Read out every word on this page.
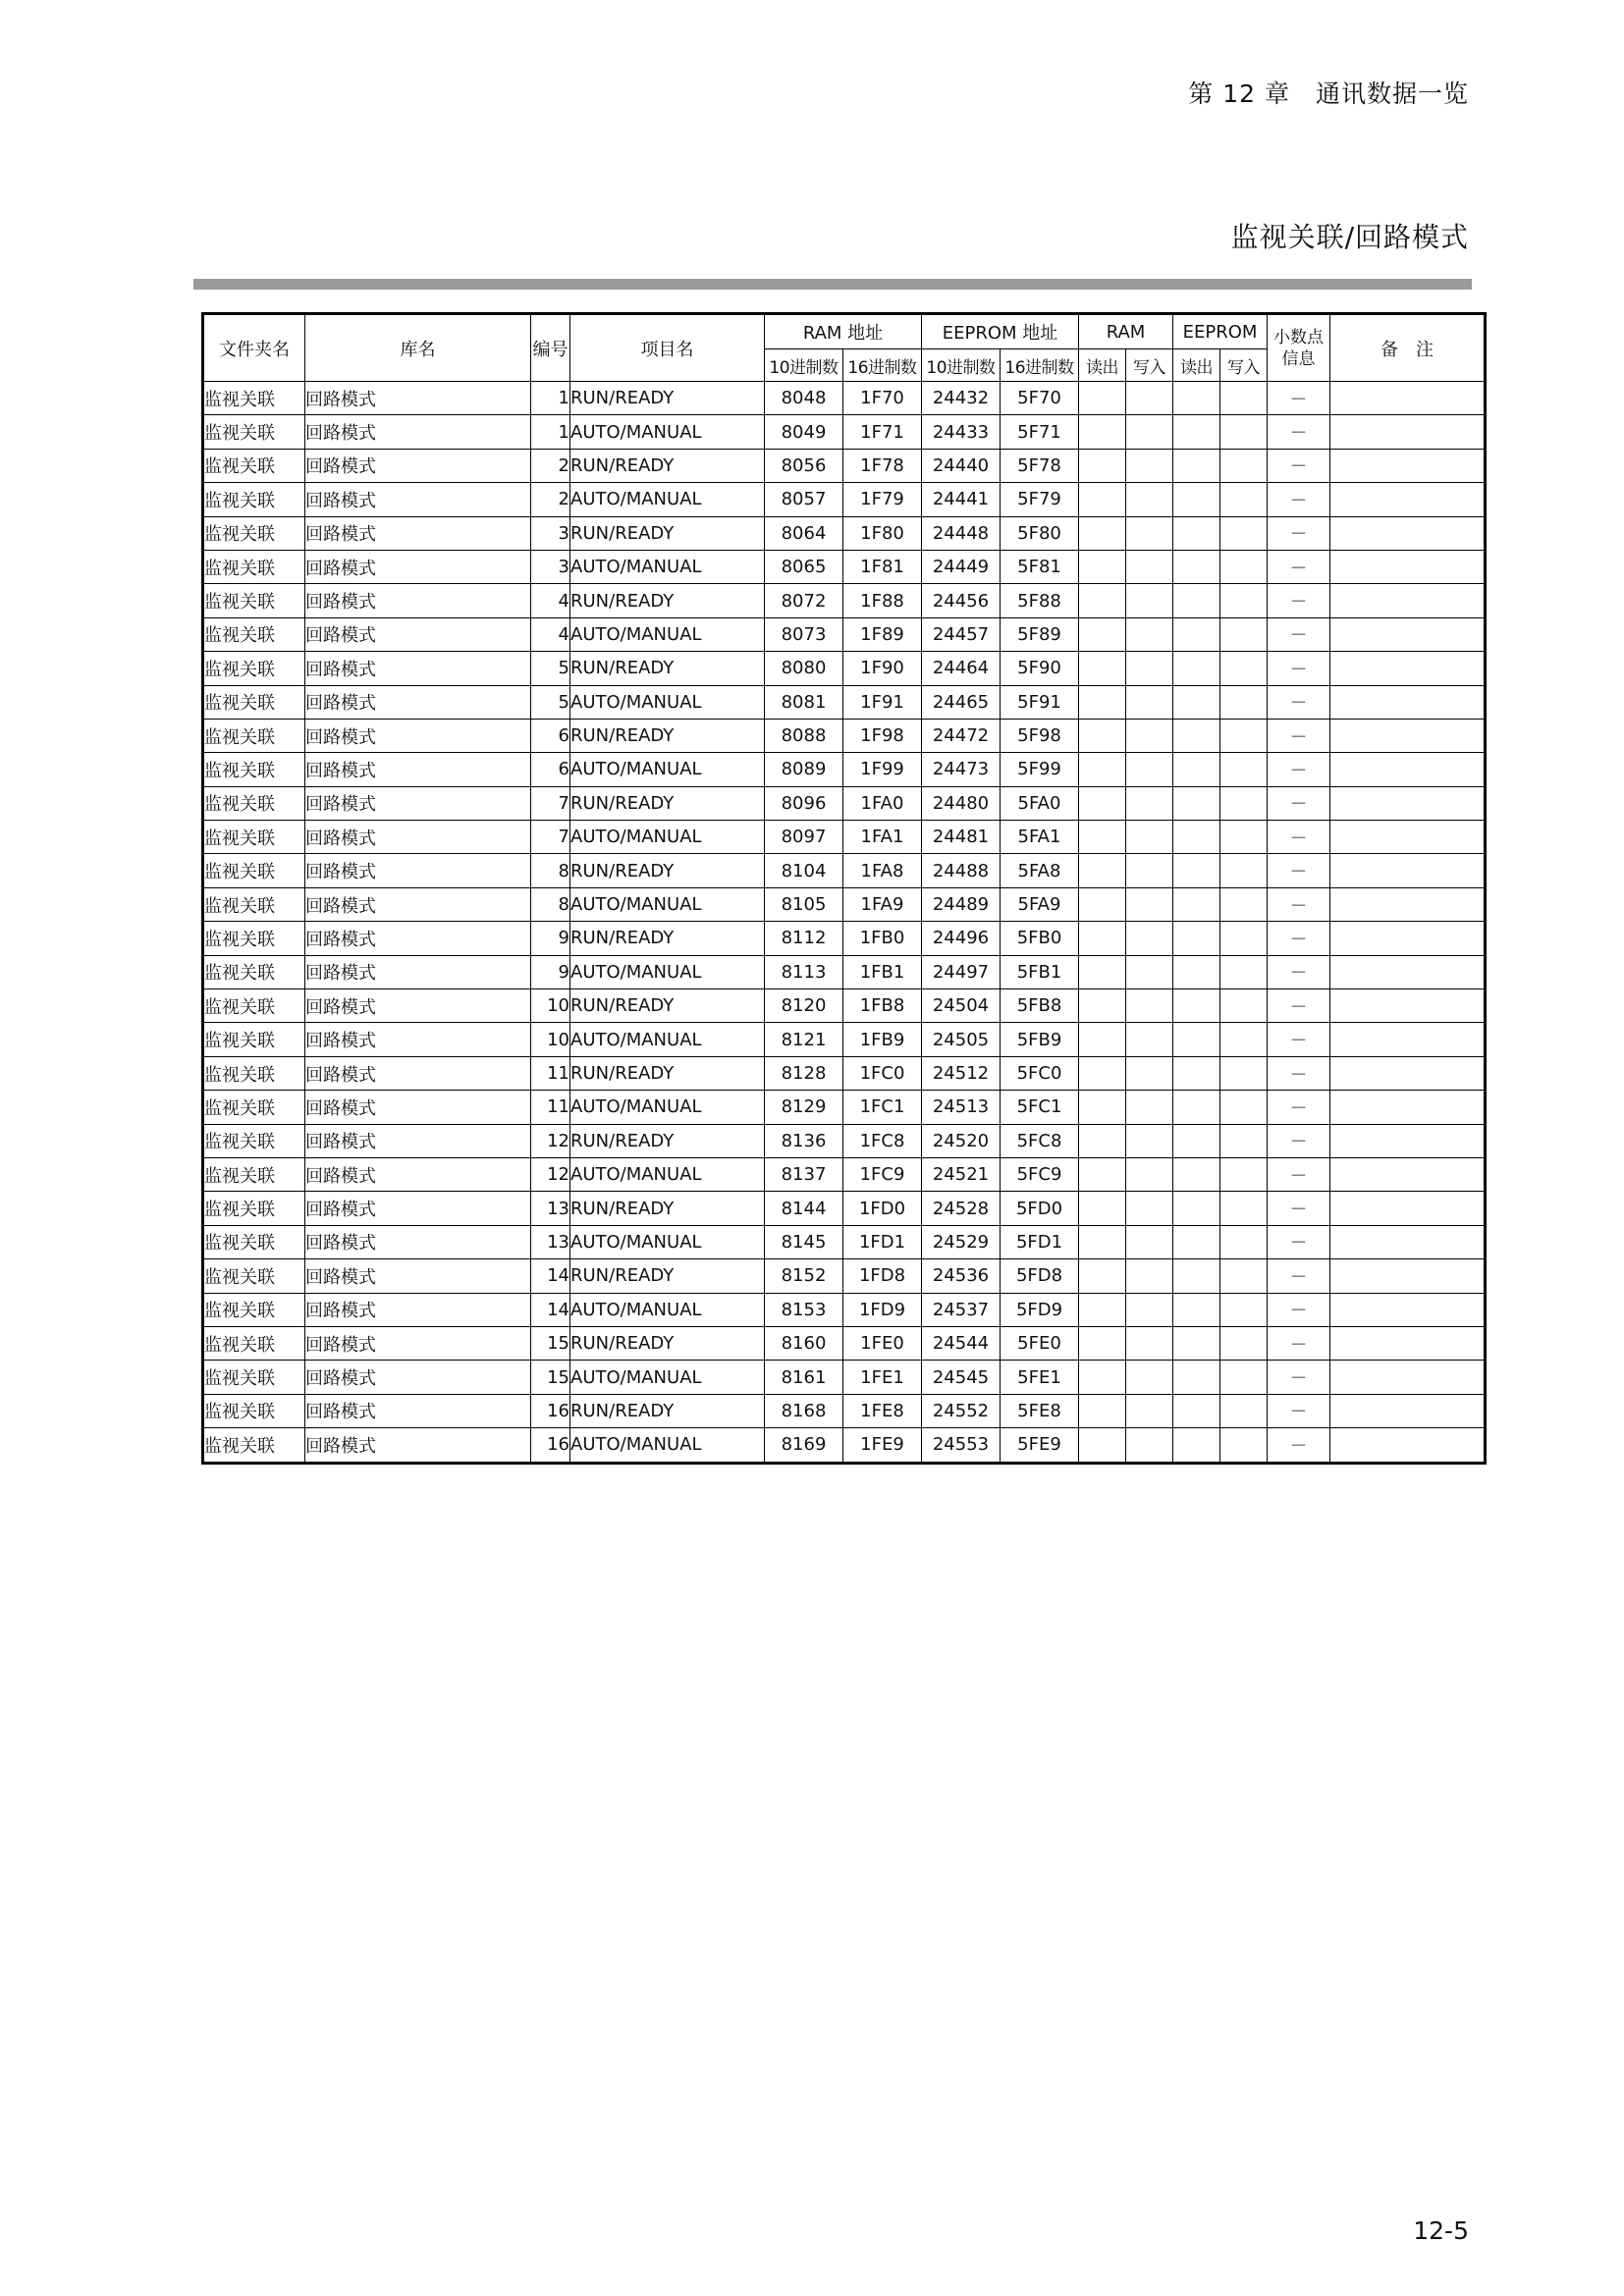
第 12 章　通讯数据一览
监视关联/回路模式
文件夹名	库名	编号	项目名	RAM 地址		EEPROM 地址		RAM		EEPROM		小数点
信息	备　注
				10进制数	16进制数	10进制数	16进制数	读出	写入	读出	写入		
监视关联	回路模式	1	RUN/READY	8048	1F70	24432	5F70					－	
监视关联	回路模式	1	AUTO/MANUAL	8049	1F71	24433	5F71					－	
监视关联	回路模式	2	RUN/READY	8056	1F78	24440	5F78					－	
监视关联	回路模式	2	AUTO/MANUAL	8057	1F79	24441	5F79					－	
监视关联	回路模式	3	RUN/READY	8064	1F80	24448	5F80					－	
监视关联	回路模式	3	AUTO/MANUAL	8065	1F81	24449	5F81					－	
监视关联	回路模式	4	RUN/READY	8072	1F88	24456	5F88					－	
监视关联	回路模式	4	AUTO/MANUAL	8073	1F89	24457	5F89					－	
监视关联	回路模式	5	RUN/READY	8080	1F90	24464	5F90					－	
监视关联	回路模式	5	AUTO/MANUAL	8081	1F91	24465	5F91					－	
监视关联	回路模式	6	RUN/READY	8088	1F98	24472	5F98					－	
监视关联	回路模式	6	AUTO/MANUAL	8089	1F99	24473	5F99					－	
监视关联	回路模式	7	RUN/READY	8096	1FA0	24480	5FA0					－	
监视关联	回路模式	7	AUTO/MANUAL	8097	1FA1	24481	5FA1					－	
监视关联	回路模式	8	RUN/READY	8104	1FA8	24488	5FA8					－	
监视关联	回路模式	8	AUTO/MANUAL	8105	1FA9	24489	5FA9					－	
监视关联	回路模式	9	RUN/READY	8112	1FB0	24496	5FB0					－	
监视关联	回路模式	9	AUTO/MANUAL	8113	1FB1	24497	5FB1					－	
监视关联	回路模式	10	RUN/READY	8120	1FB8	24504	5FB8					－	
监视关联	回路模式	10	AUTO/MANUAL	8121	1FB9	24505	5FB9					－	
监视关联	回路模式	11	RUN/READY	8128	1FC0	24512	5FC0					－	
监视关联	回路模式	11	AUTO/MANUAL	8129	1FC1	24513	5FC1					－	
监视关联	回路模式	12	RUN/READY	8136	1FC8	24520	5FC8					－	
监视关联	回路模式	12	AUTO/MANUAL	8137	1FC9	24521	5FC9					－	
监视关联	回路模式	13	RUN/READY	8144	1FD0	24528	5FD0					－	
监视关联	回路模式	13	AUTO/MANUAL	8145	1FD1	24529	5FD1					－	
监视关联	回路模式	14	RUN/READY	8152	1FD8	24536	5FD8					－	
监视关联	回路模式	14	AUTO/MANUAL	8153	1FD9	24537	5FD9					－	
监视关联	回路模式	15	RUN/READY	8160	1FE0	24544	5FE0					－	
监视关联	回路模式	15	AUTO/MANUAL	8161	1FE1	24545	5FE1					－	
监视关联	回路模式	16	RUN/READY	8168	1FE8	24552	5FE8					－	
监视关联	回路模式	16	AUTO/MANUAL	8169	1FE9	24553	5FE9					－	
12-5
